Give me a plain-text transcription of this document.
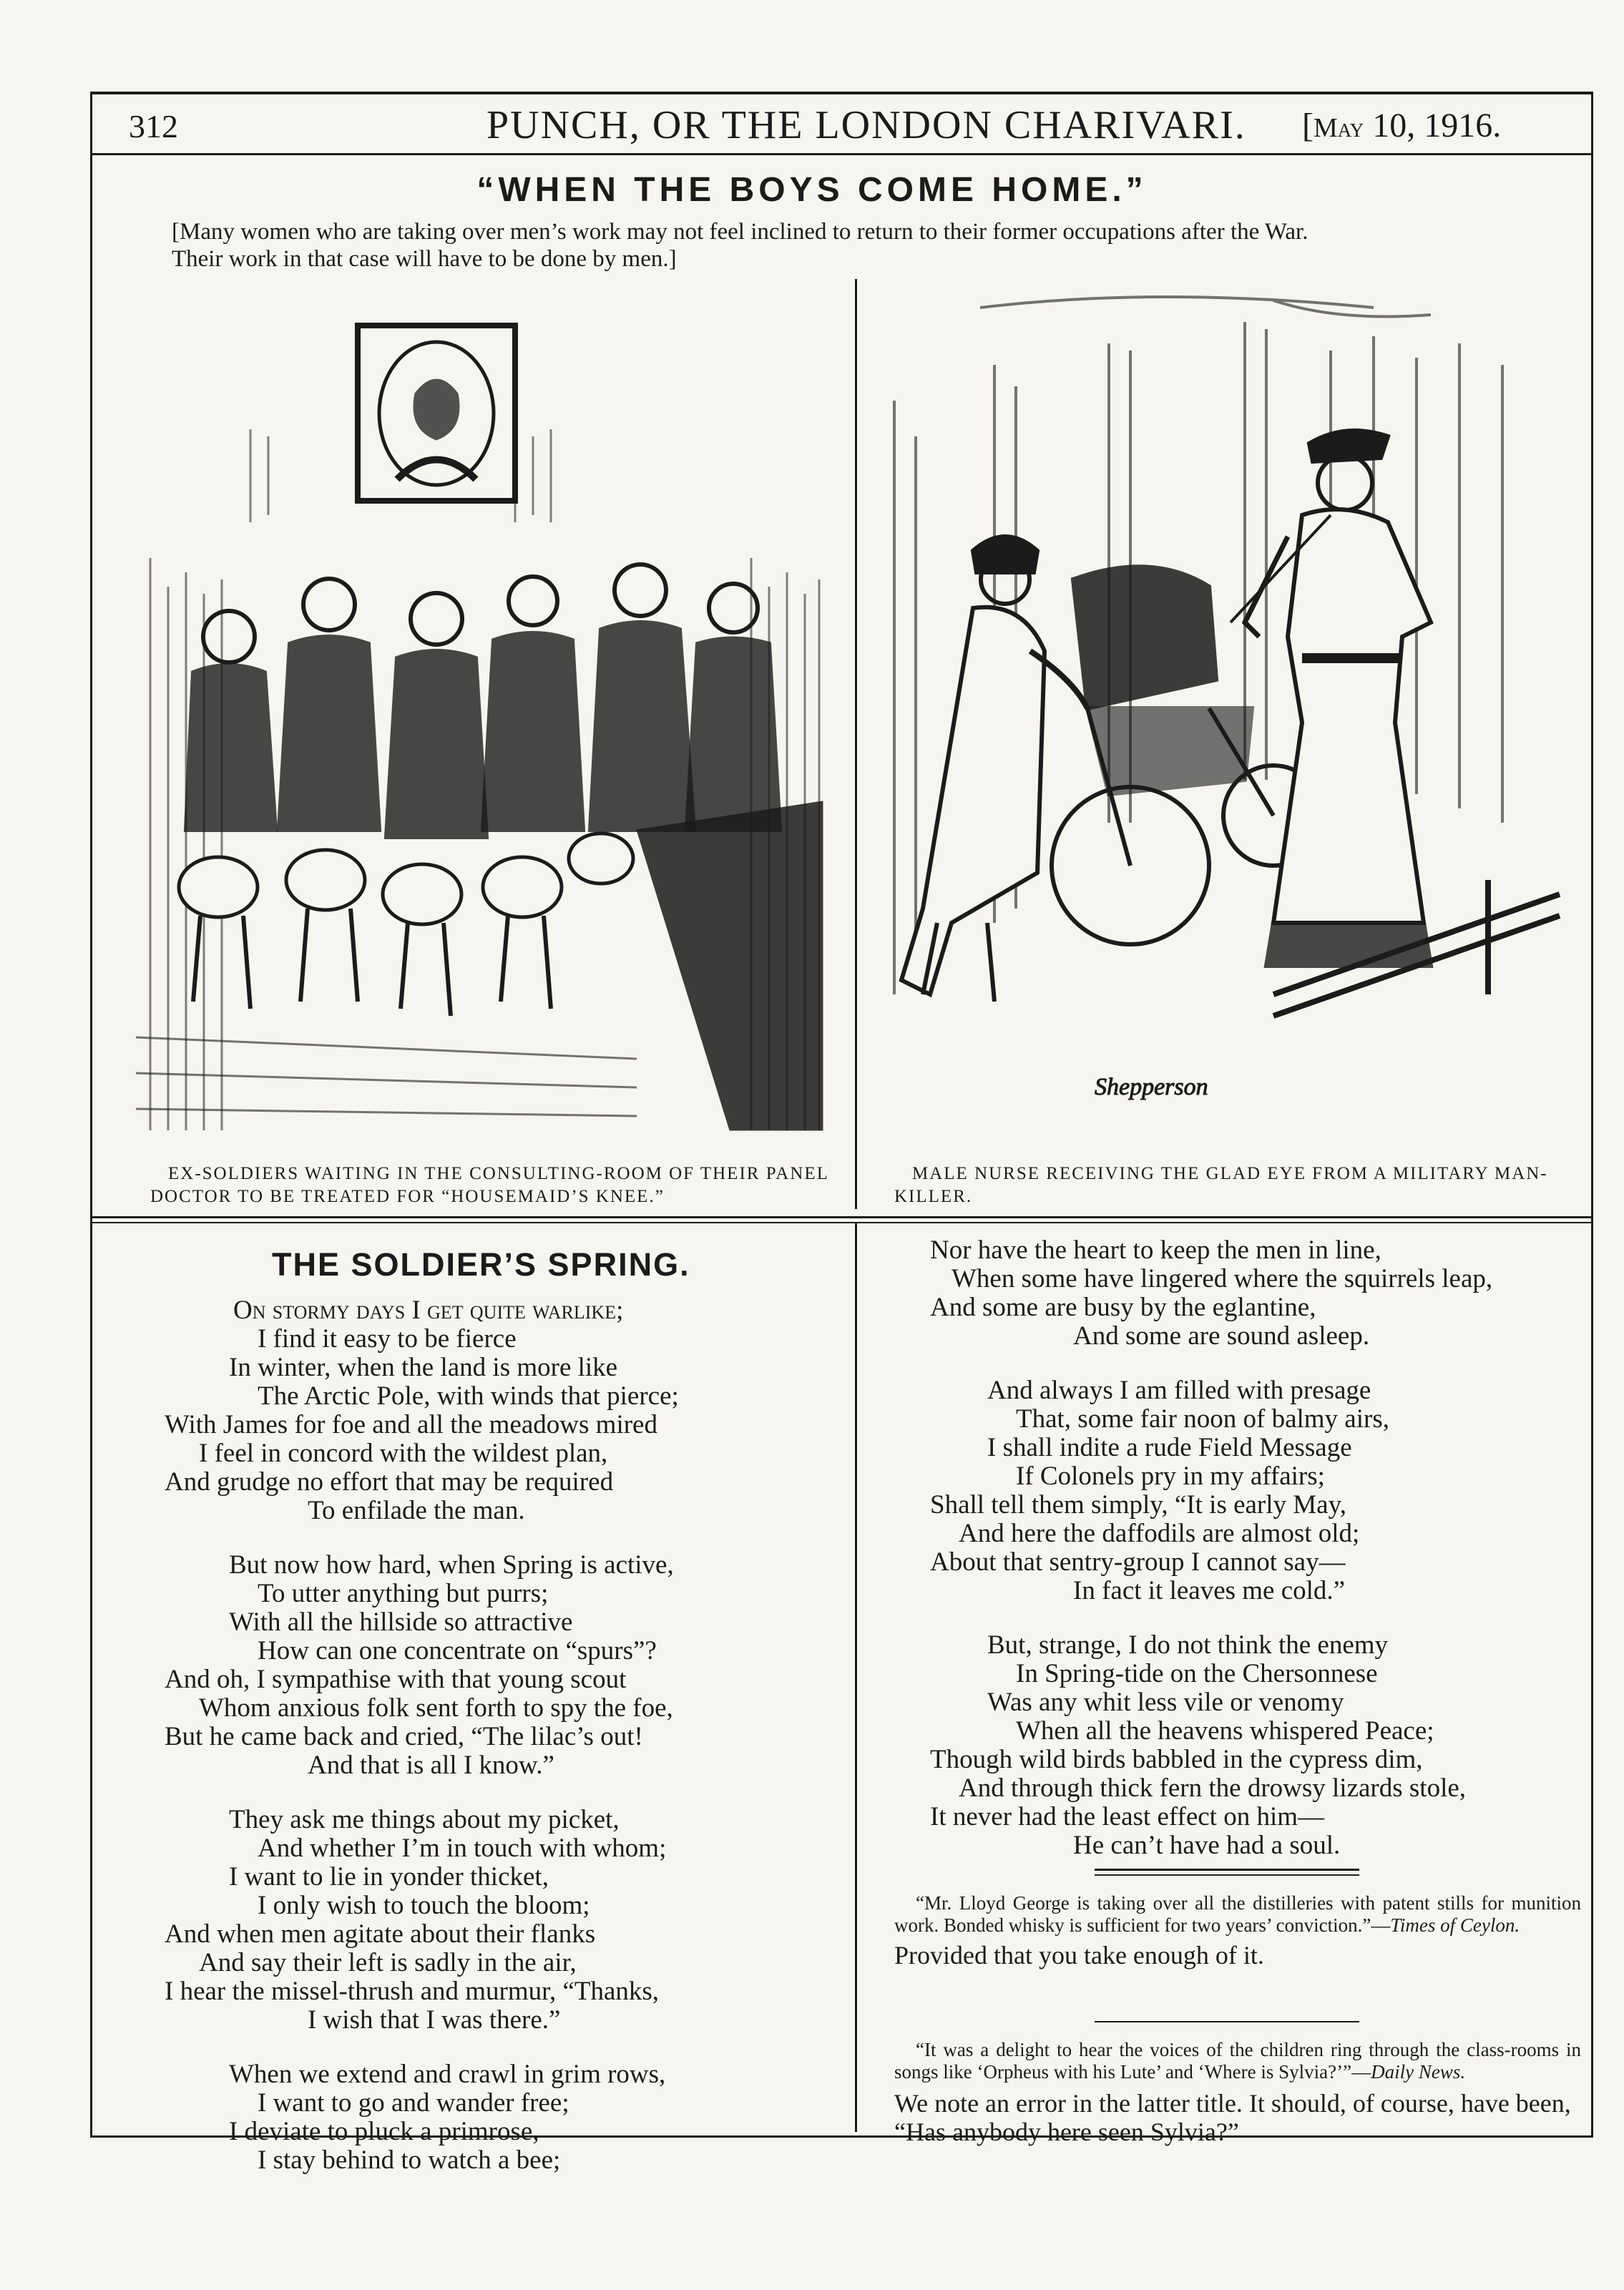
312	PUNCH, OR THE LONDON CHARIVARI. [May 10, 1916.
“WHEN THE BOYS COME HOME.”
[Many women who are taking over men’s work may not feel inclined to return to their former occupations after the War.
Their work in that case will have to be done by men.]
EX-SOLDIERS WAITING IN THE CONSULTING-ROOM OF THEIR PANEL DOCTOR TO BE TREATED FOR “HOUSEMAID’S KNEE.”
Shepperson
MALE NURSE RECEIVING THE GLAD EYE FROM A MILITARY MAN-KILLER.
THE SOLDIER’S SPRING.
On stormy days I get quite warlike;
I find it easy to be fierce
In winter, when the land is more like
The Arctic Pole, with winds that pierce;
With James for foe and all the meadows mired
I feel in concord with the wildest plan,
And grudge no effort that may be required
To enfilade the man.
But now how hard, when Spring is active,
To utter anything but purrs;
With all the hillside so attractive
How can one concentrate on “spurs”?
And oh, I sympathise with that young scout
Whom anxious folk sent forth to spy the foe,
But he came back and cried, “The lilac’s out!
And that is all I know.”
They ask me things about my picket,
And whether I’m in touch with whom;
I want to lie in yonder thicket,
I only wish to touch the bloom;
And when men agitate about their flanks
And say their left is sadly in the air,
I hear the missel-thrush and murmur, “Thanks,
I wish that I was there.”
When we extend and crawl in grim rows,
I want to go and wander free;
I deviate to pluck a primrose,
I stay behind to watch a bee;
Nor have the heart to keep the men in line,
When some have lingered where the squirrels leap,
And some are busy by the eglantine,
And some are sound asleep.
And always I am filled with presage
That, some fair noon of balmy airs,
I shall indite a rude Field Message
If Colonels pry in my affairs;
Shall tell them simply, “It is early May,
And here the daffodils are almost old;
About that sentry-group I cannot say—
In fact it leaves me cold.”
But, strange, I do not think the enemy
In Spring-tide on the Chersonnese
Was any whit less vile or venomy
When all the heavens whispered Peace;
Though wild birds babbled in the cypress dim,
And through thick fern the drowsy lizards stole,
It never had the least effect on him—
He can’t have had a soul.
“Mr. Lloyd George is taking over all the distilleries with patent stills for munition work. Bonded whisky is sufficient for two years’ conviction.”—Times of Ceylon.
Provided that you take enough of it.
“It was a delight to hear the voices of the children ring through the class-rooms in songs like ‘Orpheus with his Lute’ and ‘Where is Sylvia?’”—Daily News.
We note an error in the latter title. It should, of course, have been, “Has anybody here seen Sylvia?”
